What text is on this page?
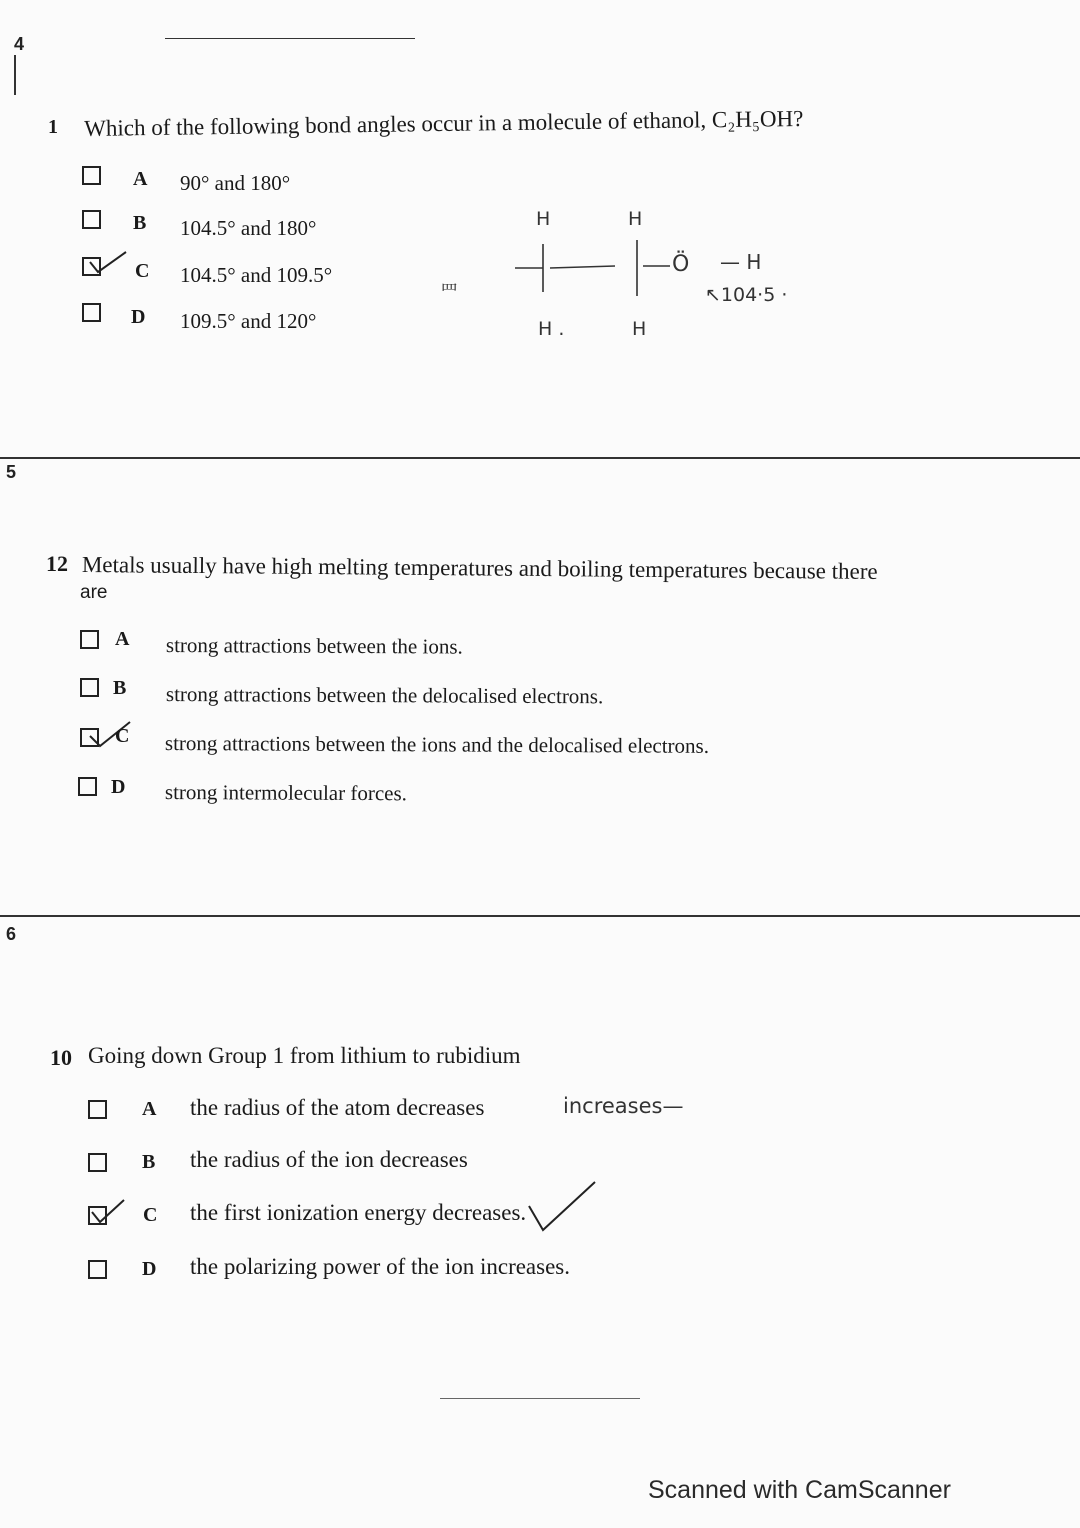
4
1 Which of the following bond angles occur in a molecule of ethanol, C₂H₅OH?
A 90° and 180°
B 104.5° and 180°
C 104.5° and 109.5°
D 109.5° and 120°
罒
H	H
Ö — H
↖104·5 ·
H .	H
5
12 Metals usually have high melting temperatures and boiling temperatures because there
are
A strong attractions between the ions.
B strong attractions between the delocalised electrons.
C strong attractions between the ions and the delocalised electrons.
D strong intermolecular forces.
6
10 Going down Group 1 from lithium to rubidium
A the radius of the atom decreases	increases—
B the radius of the ion decreases
C the first ionization energy decreases.
D the polarizing power of the ion increases.
Scanned with CamScanner
